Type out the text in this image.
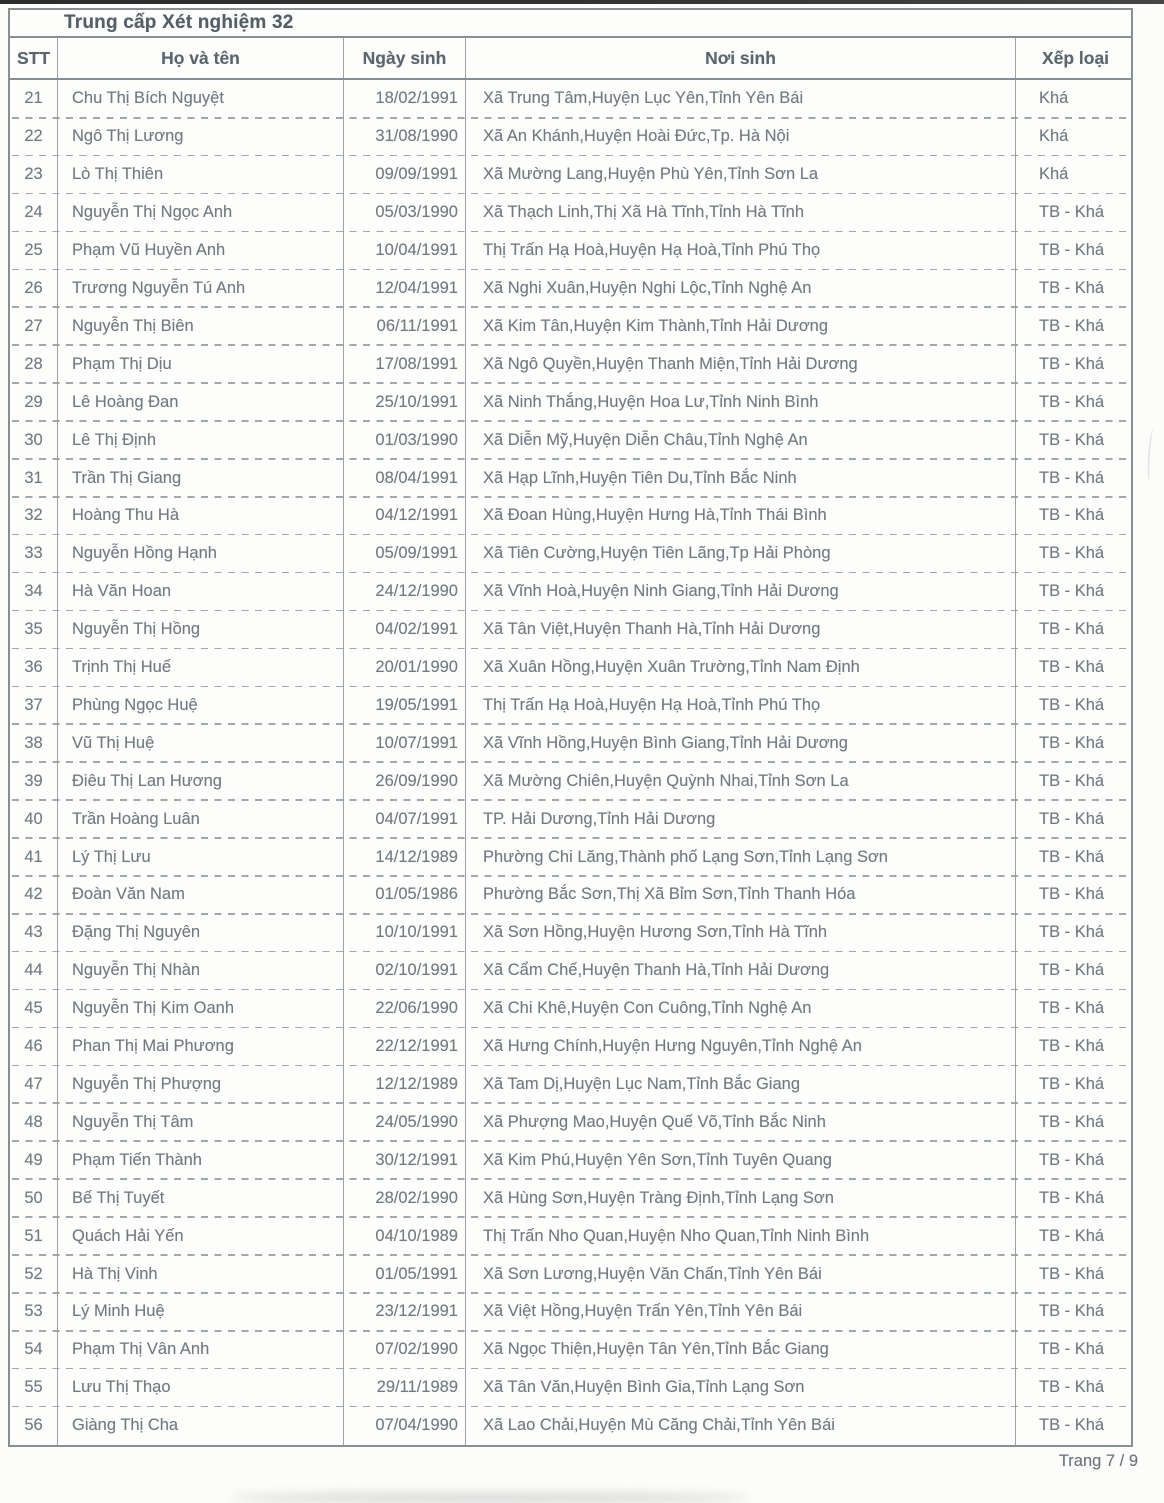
Trung cấp Xét nghiệm 32
STT	Họ và tên	Ngày sinh	Nơi sinh	Xếp loại
21	Chu Thị Bích Nguyệt	18/02/1991	Xã Trung Tâm,Huyện Lục Yên,Tỉnh Yên Bái	Khá
22	Ngô Thị Lương	31/08/1990	Xã An Khánh,Huyện Hoài Đức,Tp. Hà Nội	Khá
23	Lò Thị Thiên	09/09/1991	Xã Mường Lang,Huyện Phù Yên,Tỉnh Sơn La	Khá
24	Nguyễn Thị Ngọc Anh	05/03/1990	Xã Thạch Linh,Thị Xã Hà Tĩnh,Tỉnh Hà Tĩnh	TB - Khá
25	Phạm Vũ Huyền Anh	10/04/1991	Thị Trấn Hạ Hoà,Huyện Hạ Hoà,Tỉnh Phú Thọ	TB - Khá
26	Trương Nguyễn Tú Anh	12/04/1991	Xã Nghi Xuân,Huyện Nghi Lộc,Tỉnh Nghệ An	TB - Khá
27	Nguyễn Thị Biên	06/11/1991	Xã Kim Tân,Huyện Kim Thành,Tỉnh Hải Dương	TB - Khá
28	Phạm Thị Dịu	17/08/1991	Xã Ngô Quyền,Huyện Thanh Miện,Tỉnh Hải Dương	TB - Khá
29	Lê Hoàng Đan	25/10/1991	Xã Ninh Thắng,Huyện Hoa Lư,Tỉnh Ninh Bình	TB - Khá
30	Lê Thị Định	01/03/1990	Xã Diễn Mỹ,Huyện Diễn Châu,Tỉnh Nghệ An	TB - Khá
31	Trần Thị Giang	08/04/1991	Xã Hạp Lĩnh,Huyện Tiên Du,Tỉnh Bắc Ninh	TB - Khá
32	Hoàng Thu Hà	04/12/1991	Xã Đoan Hùng,Huyện Hưng Hà,Tỉnh Thái Bình	TB - Khá
33	Nguyễn Hồng Hạnh	05/09/1991	Xã Tiên Cường,Huyện Tiên Lãng,Tp Hải Phòng	TB - Khá
34	Hà Văn Hoan	24/12/1990	Xã Vĩnh Hoà,Huyện Ninh Giang,Tỉnh Hải Dương	TB - Khá
35	Nguyễn Thị Hồng	04/02/1991	Xã Tân Việt,Huyện Thanh Hà,Tỉnh Hải Dương	TB - Khá
36	Trịnh Thị Huế	20/01/1990	Xã Xuân Hồng,Huyện Xuân Trường,Tỉnh Nam Định	TB - Khá
37	Phùng Ngọc Huệ	19/05/1991	Thị Trấn Hạ Hoà,Huyện Hạ Hoà,Tỉnh Phú Thọ	TB - Khá
38	Vũ Thị Huệ	10/07/1991	Xã Vĩnh Hồng,Huyện Bình Giang,Tỉnh Hải Dương	TB - Khá
39	Điêu Thị Lan Hương	26/09/1990	Xã Mường Chiên,Huyện Quỳnh Nhai,Tỉnh Sơn La	TB - Khá
40	Trần Hoàng Luân	04/07/1991	TP. Hải Dương,Tỉnh Hải Dương	TB - Khá
41	Lý Thị Lưu	14/12/1989	Phường Chi Lăng,Thành phố Lạng Sơn,Tỉnh Lạng Sơn	TB - Khá
42	Đoàn Văn Nam	01/05/1986	Phường Bắc Sơn,Thị Xã Bỉm Sơn,Tỉnh Thanh Hóa	TB - Khá
43	Đặng Thị Nguyên	10/10/1991	Xã Sơn Hồng,Huyện Hương Sơn,Tỉnh Hà Tĩnh	TB - Khá
44	Nguyễn Thị Nhàn	02/10/1991	Xã Cẩm Chế,Huyện Thanh Hà,Tỉnh Hải Dương	TB - Khá
45	Nguyễn Thị Kim Oanh	22/06/1990	Xã Chi Khê,Huyện Con Cuông,Tỉnh Nghệ An	TB - Khá
46	Phan Thị Mai Phương	22/12/1991	Xã Hưng Chính,Huyện Hưng Nguyên,Tỉnh Nghệ An	TB - Khá
47	Nguyễn Thị Phượng	12/12/1989	Xã Tam Dị,Huyện Lục Nam,Tỉnh Bắc Giang	TB - Khá
48	Nguyễn Thị Tâm	24/05/1990	Xã Phượng Mao,Huyện Quế Võ,Tỉnh Bắc Ninh	TB - Khá
49	Phạm Tiến Thành	30/12/1991	Xã Kim Phú,Huyện Yên Sơn,Tỉnh Tuyên Quang	TB - Khá
50	Bế Thị Tuyết	28/02/1990	Xã Hùng Sơn,Huyện Tràng Định,Tỉnh Lạng Sơn	TB - Khá
51	Quách Hải Yến	04/10/1989	Thị Trấn Nho Quan,Huyện Nho Quan,Tỉnh Ninh Bình	TB - Khá
52	Hà Thị Vinh	01/05/1991	Xã Sơn Lương,Huyện Văn Chấn,Tỉnh Yên Bái	TB - Khá
53	Lý Minh Huệ	23/12/1991	Xã Việt Hồng,Huyện Trấn Yên,Tỉnh Yên Bái	TB - Khá
54	Phạm Thị Vân Anh	07/02/1990	Xã Ngọc Thiện,Huyện Tân Yên,Tỉnh Bắc Giang	TB - Khá
55	Lưu Thị Thạo	29/11/1989	Xã Tân Văn,Huyện Bình Gia,Tỉnh Lạng Sơn	TB - Khá
56	Giàng Thị Cha	07/04/1990	Xã Lao Chải,Huyện Mù Căng Chải,Tỉnh Yên Bái	TB - Khá
Trang 7 / 9
